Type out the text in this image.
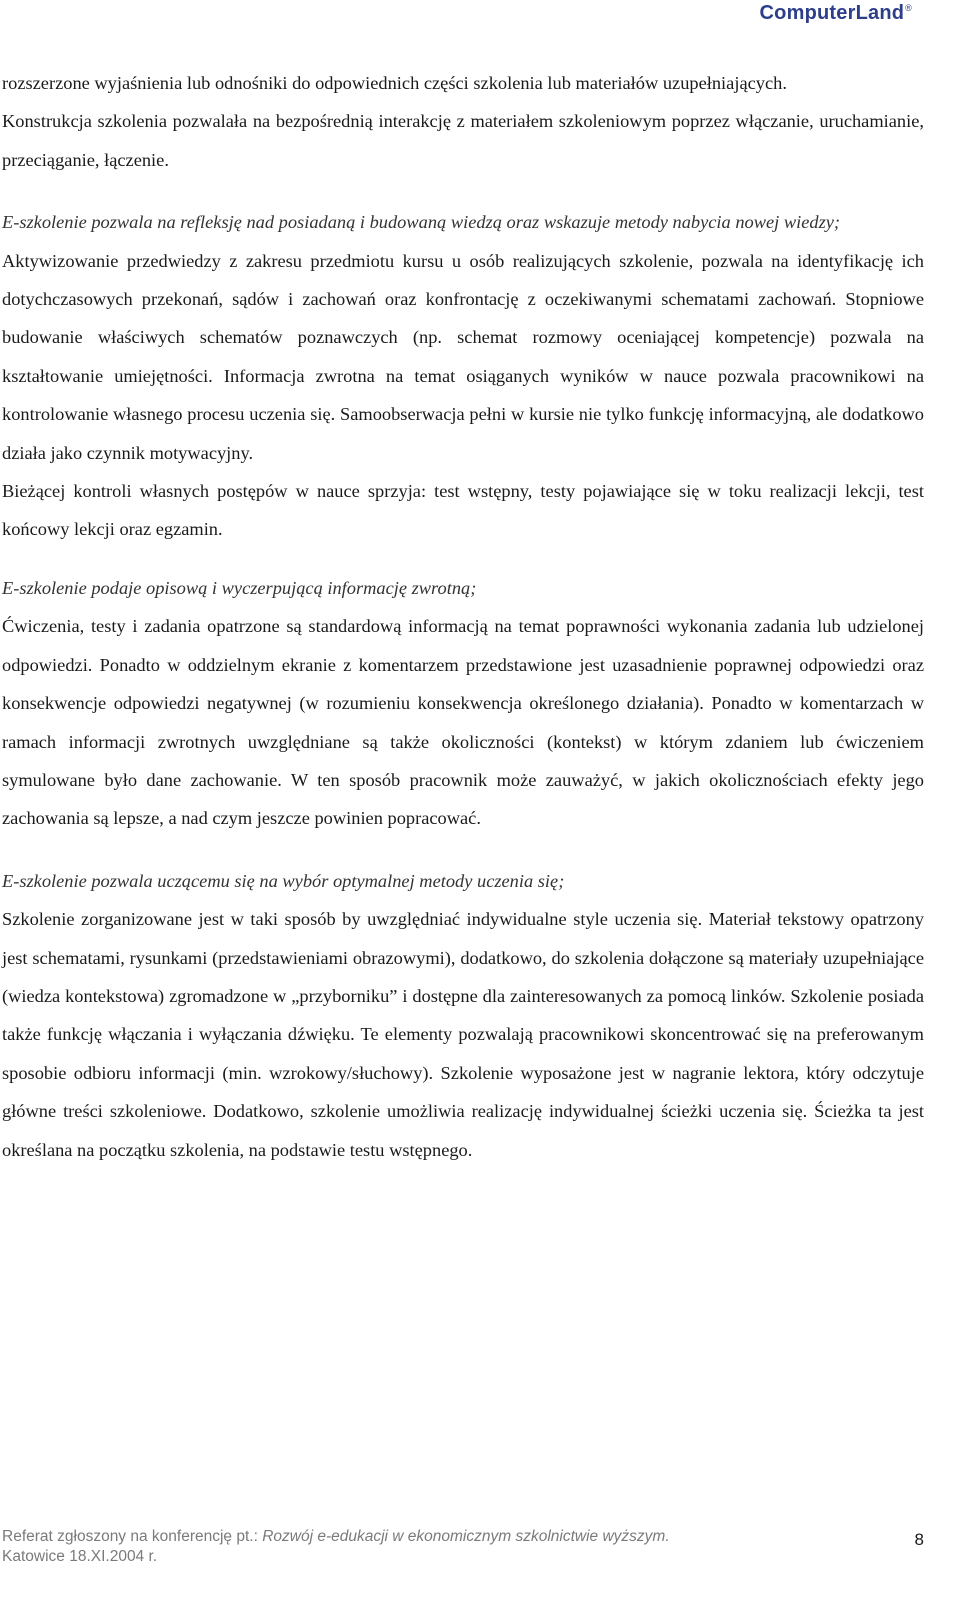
ComputerLand®

rozszerzone wyjaśnienia lub odnośniki do odpowiednich części szkolenia lub materiałów uzupełniających.

Konstrukcja szkolenia pozwalała na bezpośrednią interakcję z materiałem szkoleniowym poprzez włączanie, uruchamianie, przeciąganie, łączenie.

E-szkolenie pozwala na refleksję nad posiadaną i budowaną wiedzą oraz wskazuje metody nabycia nowej wiedzy;

Aktywizowanie przedwiedzy z zakresu przedmiotu kursu u osób realizujących szkolenie, pozwala na identyfikację ich dotychczasowych przekonań, sądów i zachowań oraz konfrontację z oczekiwanymi schematami zachowań. Stopniowe budowanie właściwych schematów poznawczych (np. schemat rozmowy oceniającej kompetencje) pozwala na kształtowanie umiejętności. Informacja zwrotna na temat osiąganych wyników w nauce pozwala pracownikowi na kontrolowanie własnego procesu uczenia się. Samoobserwacja pełni w kursie nie tylko funkcję informacyjną, ale dodatkowo działa jako czynnik motywacyjny.

Bieżącej kontroli własnych postępów w nauce sprzyja: test wstępny, testy pojawiające się w toku realizacji lekcji, test końcowy lekcji oraz egzamin.

E-szkolenie podaje opisową i wyczerpującą informację zwrotną;

Ćwiczenia, testy i zadania opatrzone są standardową informacją na temat poprawności wykonania zadania lub udzielonej odpowiedzi. Ponadto w oddzielnym ekranie z komentarzem przedstawione jest uzasadnienie poprawnej odpowiedzi oraz konsekwencje odpowiedzi negatywnej (w rozumieniu konsekwencja określonego działania). Ponadto w komentarzach w ramach informacji zwrotnych uwzględniane są także okoliczności (kontekst) w którym zdaniem lub ćwiczeniem symulowane było dane zachowanie. W ten sposób pracownik może zauważyć, w jakich okolicznościach efekty jego zachowania są lepsze, a nad czym jeszcze powinien popracować.

E-szkolenie pozwala uczącemu się na wybór optymalnej metody uczenia się;

Szkolenie zorganizowane jest w taki sposób by uwzględniać indywidualne style uczenia się. Materiał tekstowy opatrzony jest schematami, rysunkami (przedstawieniami obrazowymi), dodatkowo, do szkolenia dołączone są materiały uzupełniające (wiedza kontekstowa) zgromadzone w „przyborniku” i dostępne dla zainteresowanych za pomocą linków. Szkolenie posiada także funkcję włączania i wyłączania dźwięku. Te elementy pozwalają pracownikowi skoncentrować się na preferowanym sposobie odbioru informacji (min. wzrokowy/słuchowy). Szkolenie wyposażone jest w nagranie lektora, który odczytuje główne treści szkoleniowe. Dodatkowo, szkolenie umożliwia realizację indywidualnej ścieżki uczenia się. Ścieżka ta jest określana na początku szkolenia, na podstawie testu wstępnego.

Referat zgłoszony na konferencję pt.: Rozwój e-edukacji w ekonomicznym szkolnictwie wyższym.
Katowice 18.XI.2004 r.
8
